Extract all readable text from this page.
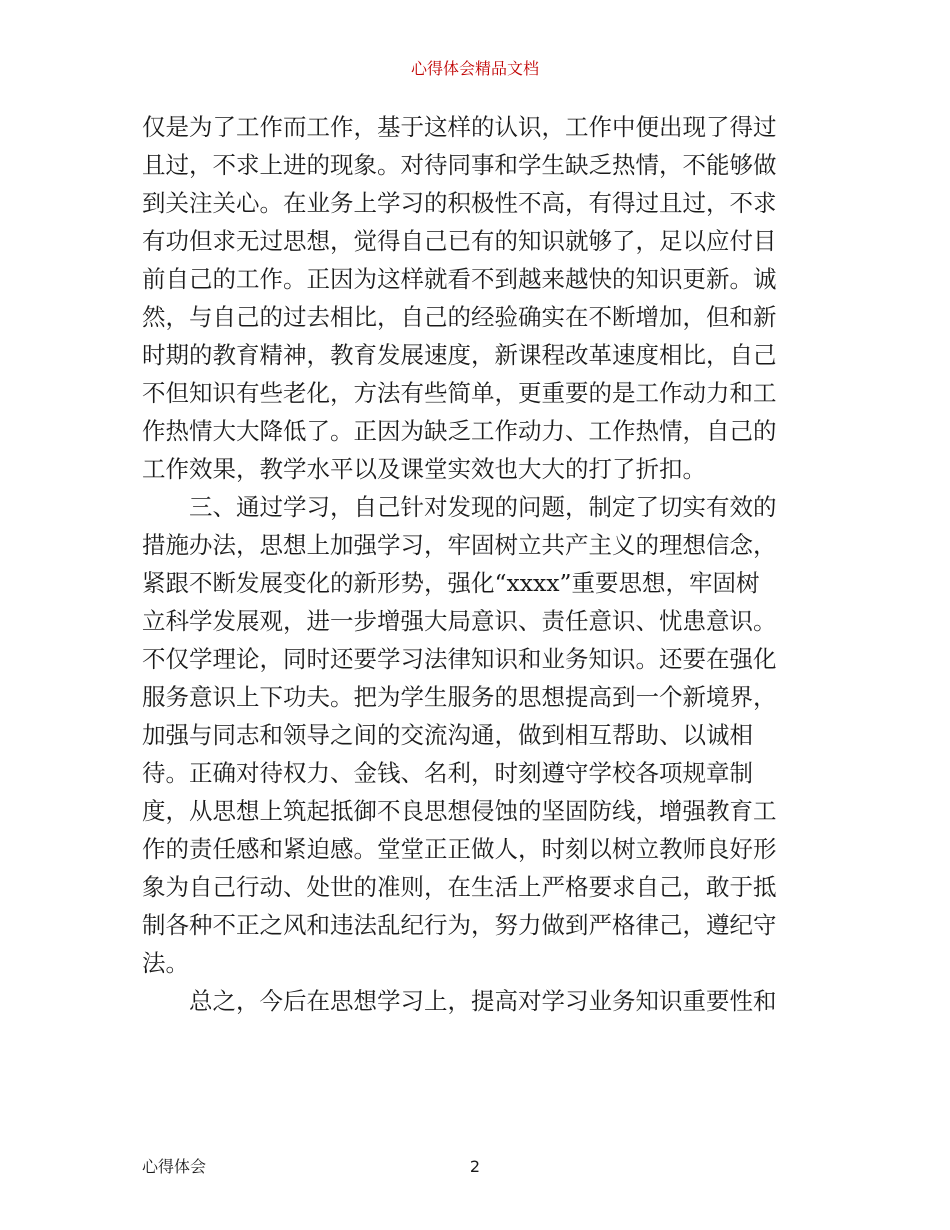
心得体会精品文档
仅是为了工作而工作，基于这样的认识，工作中便出现了得过
且过，不求上进的现象。对待同事和学生缺乏热情，不能够做
到关注关心。在业务上学习的积极性不高，有得过且过，不求
有功但求无过思想，觉得自己已有的知识就够了，足以应付目
前自己的工作。正因为这样就看不到越来越快的知识更新。诚
然，与自己的过去相比，自己的经验确实在不断增加，但和新
时期的教育精神，教育发展速度，新课程改革速度相比，自己
不但知识有些老化，方法有些简单，更重要的是工作动力和工
作热情大大降低了。正因为缺乏工作动力、工作热情，自己的
工作效果，教学水平以及课堂实效也大大的打了折扣。
　　三、通过学习，自己针对发现的问题，制定了切实有效的
措施办法，思想上加强学习，牢固树立共产主义的理想信念，
紧跟不断发展变化的新形势，强化“xxxx”重要思想，牢固树
立科学发展观，进一步增强大局意识、责任意识、忧患意识。
不仅学理论，同时还要学习法律知识和业务知识。还要在强化
服务意识上下功夫。把为学生服务的思想提高到一个新境界，
加强与同志和领导之间的交流沟通，做到相互帮助、以诚相
待。正确对待权力、金钱、名利，时刻遵守学校各项规章制
度，从思想上筑起抵御不良思想侵蚀的坚固防线，增强教育工
作的责任感和紧迫感。堂堂正正做人，时刻以树立教师良好形
象为自己行动、处世的准则，在生活上严格要求自己，敢于抵
制各种不正之风和违法乱纪行为，努力做到严格律己，遵纪守
法。
　　总之，今后在思想学习上，提高对学习业务知识重要性和
心得体会	2
